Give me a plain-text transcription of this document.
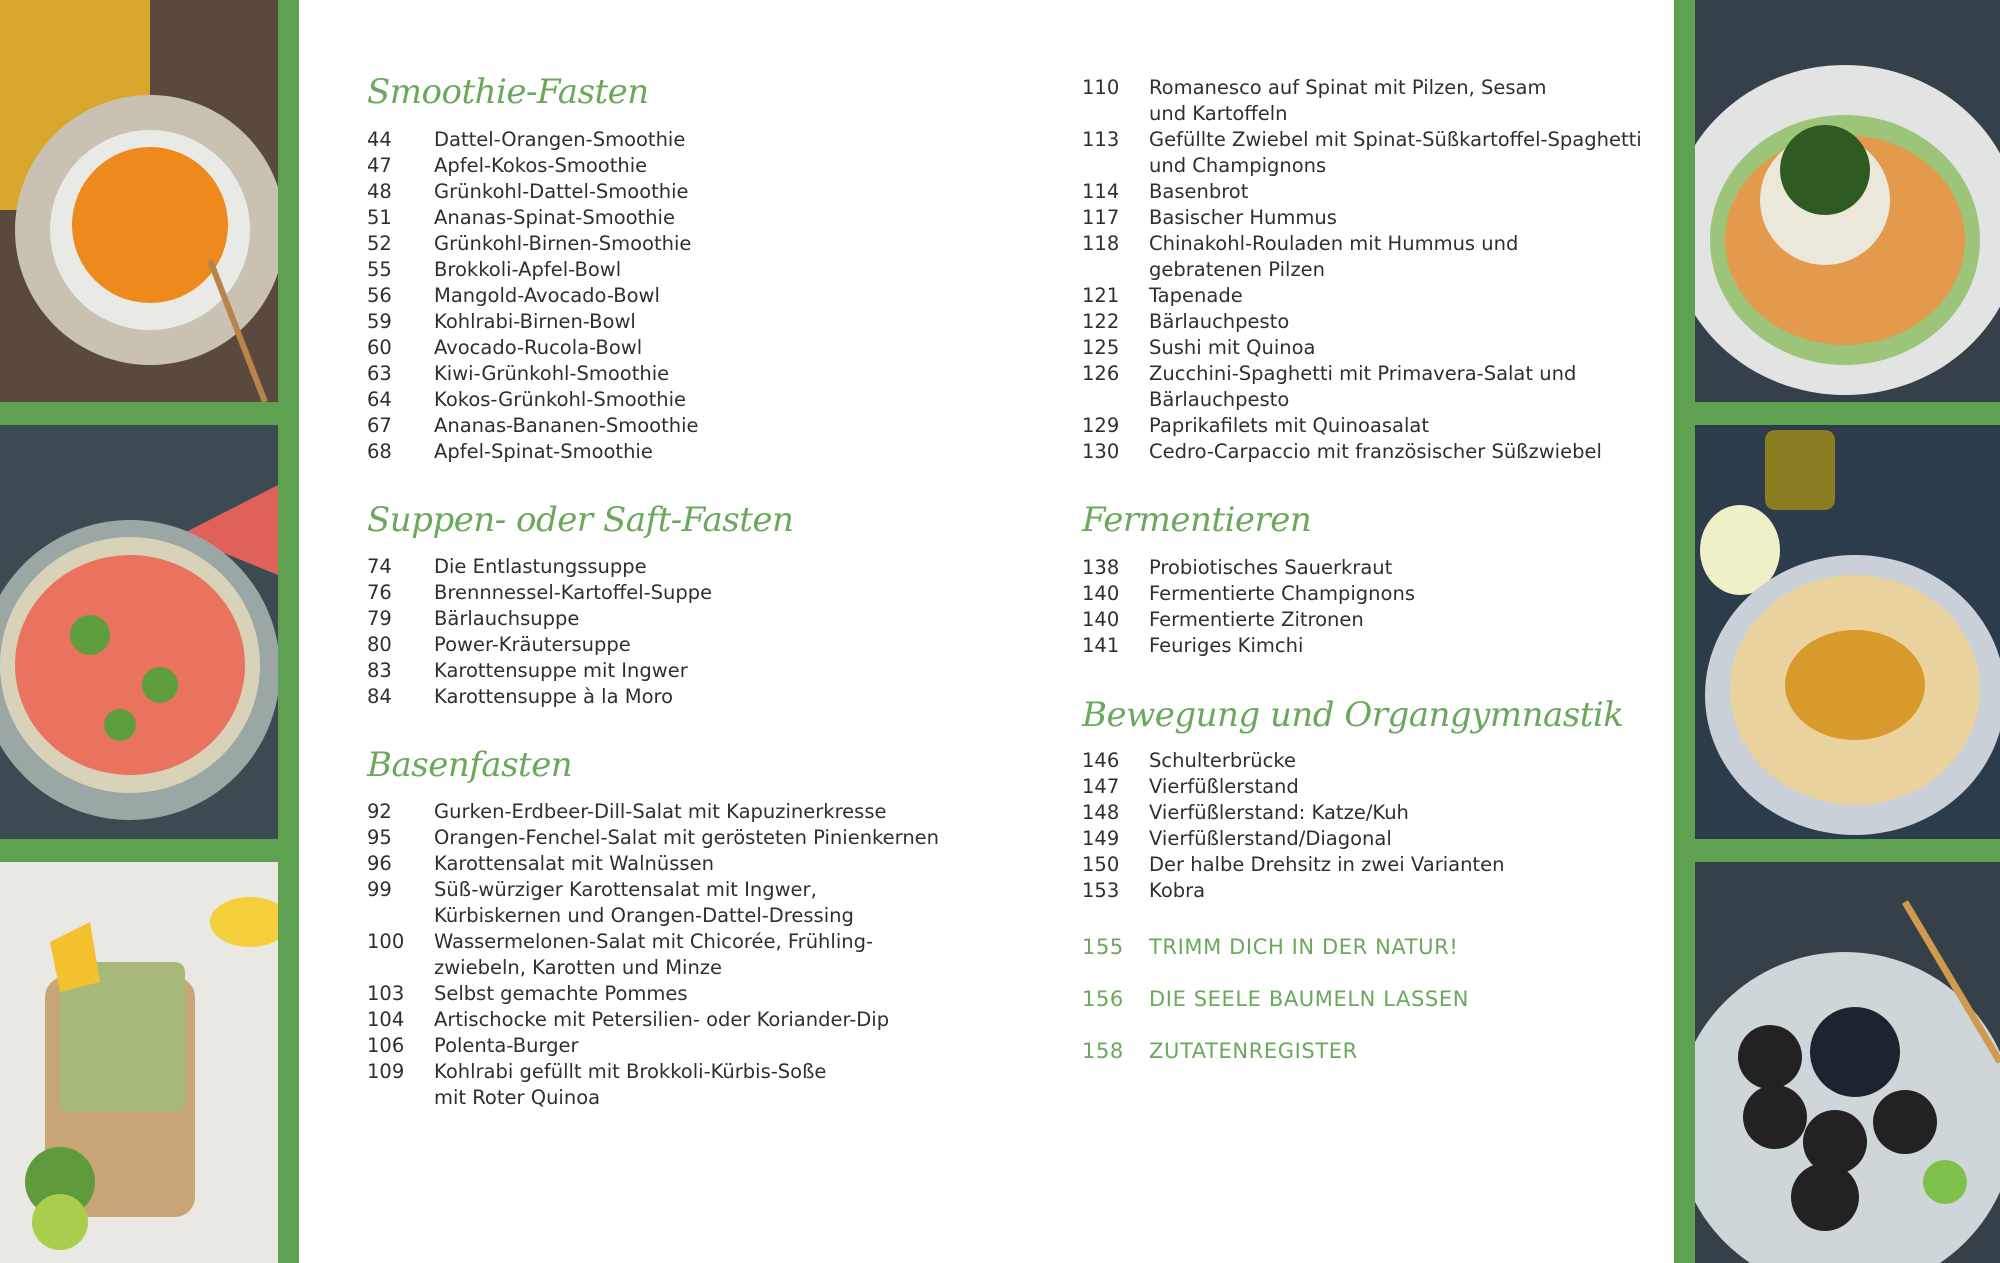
Smoothie-Fasten
44	Dattel-Orangen-Smoothie
47	Apfel-Kokos-Smoothie
48	Grünkohl-Dattel-Smoothie
51	Ananas-Spinat-Smoothie
52	Grünkohl-Birnen-Smoothie
55	Brokkoli-Apfel-Bowl
56	Mangold-Avocado-Bowl
59	Kohlrabi-Birnen-Bowl
60	Avocado-Rucola-Bowl
63	Kiwi-Grünkohl-Smoothie
64	Kokos-Grünkohl-Smoothie
67	Ananas-Bananen-Smoothie
68	Apfel-Spinat-Smoothie
Suppen- oder Saft-Fasten
74	Die Entlastungssuppe
76	Brennnessel-Kartoffel-Suppe
79	Bärlauchsuppe
80	Power-Kräutersuppe
83	Karottensuppe mit Ingwer
84	Karottensuppe à la Moro
Basenfasten
92	Gurken-Erdbeer-Dill-Salat mit Kapuzinerkresse
95	Orangen-Fenchel-Salat mit gerösteten Pinienkernen
96	Karottensalat mit Walnüssen
99	Süß-würziger Karottensalat mit Ingwer,
Kürbiskernen und Orangen-Dattel-Dressing
100	Wassermelonen-Salat mit Chicorée, Frühling-
zwiebeln, Karotten und Minze
103	Selbst gemachte Pommes
104	Artischocke mit Petersilien- oder Koriander-Dip
106	Polenta-Burger
109	Kohlrabi gefüllt mit Brokkoli-Kürbis-Soße
mit Roter Quinoa
110	Romanesco auf Spinat mit Pilzen, Sesam
und Kartoffeln
113	Gefüllte Zwiebel mit Spinat-Süßkartoffel-Spaghetti
und Champignons
114	Basenbrot
117	Basischer Hummus
118	Chinakohl-Rouladen mit Hummus und
gebratenen Pilzen
121	Tapenade
122	Bärlauchpesto
125	Sushi mit Quinoa
126	Zucchini-Spaghetti mit Primavera-Salat und
Bärlauchpesto
129	Paprikafilets mit Quinoasalat
130	Cedro-Carpaccio mit französischer Süßzwiebel
Fermentieren
138	Probiotisches Sauerkraut
140	Fermentierte Champignons
140	Fermentierte Zitronen
141	Feuriges Kimchi
Bewegung und Organgymnastik
146	Schulterbrücke
147	Vierfüßlerstand
148	Vierfüßlerstand: Katze/Kuh
149	Vierfüßlerstand/Diagonal
150	Der halbe Drehsitz in zwei Varianten
153	Kobra
155	TRIMM DICH IN DER NATUR!
156	DIE SEELE BAUMELN LASSEN
158	ZUTATENREGISTER
